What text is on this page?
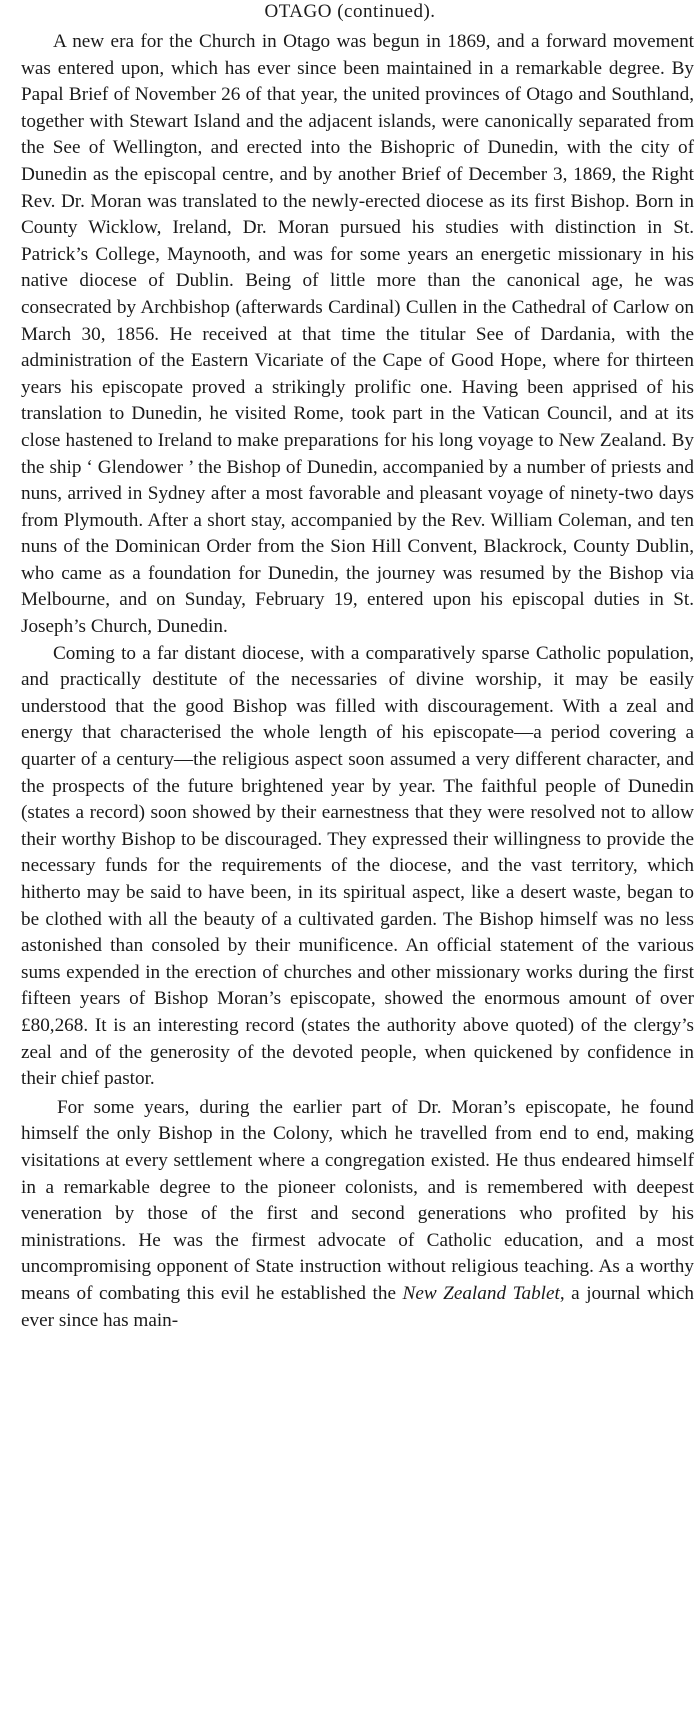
OTAGO (continued).

A new era for the Church in Otago was begun in 1869, and a forward movement was entered upon, which has ever since been maintained in a remarkable degree. By Papal Brief of November 26 of that year, the united provinces of Otago and Southland, together with Stewart Island and the adjacent islands, were canonically separated from the See of Wellington, and erected into the Bishopric of Dunedin, with the city of Dunedin as the episcopal centre, and by another Brief of December 3, 1869, the Right Rev. Dr. Moran was translated to the newly-erected diocese as its first Bishop. Born in County Wicklow, Ireland, Dr. Moran pursued his studies with distinction in St. Patrick’s College, Maynooth, and was for some years an energetic missionary in his native diocese of Dublin. Being of little more than the canonical age, he was consecrated by Archbishop (afterwards Cardinal) Cullen in the Cathedral of Carlow on March 30, 1856. He received at that time the titular See of Dardania, with the administration of the Eastern Vicariate of the Cape of Good Hope, where for thirteen years his episcopate proved a strikingly prolific one. Having been apprised of his translation to Dunedin, he visited Rome, took part in the Vatican Council, and at its close hastened to Ireland to make preparations for his long voyage to New Zealand. By the ship ‘ Glendower ’ the Bishop of Dunedin, accompanied by a number of priests and nuns, arrived in Sydney after a most favorable and pleasant voyage of ninety-two days from Plymouth. After a short stay, accompanied by the Rev. William Coleman, and ten nuns of the Dominican Order from the Sion Hill Convent, Blackrock, County Dublin, who came as a foundation for Dunedin, the journey was resumed by the Bishop via Melbourne, and on Sunday, February 19, entered upon his episcopal duties in St. Joseph’s Church, Dunedin.

Coming to a far distant diocese, with a comparatively sparse Catholic population, and practically destitute of the necessaries of divine worship, it may be easily understood that the good Bishop was filled with discouragement. With a zeal and energy that characterised the whole length of his episcopate—a period covering a quarter of a century—the religious aspect soon assumed a very different character, and the prospects of the future brightened year by year. The faithful people of Dunedin (states a record) soon showed by their earnestness that they were resolved not to allow their worthy Bishop to be discouraged. They expressed their willingness to provide the necessary funds for the requirements of the diocese, and the vast territory, which hitherto may be said to have been, in its spiritual aspect, like a desert waste, began to be clothed with all the beauty of a cultivated garden. The Bishop himself was no less astonished than consoled by their munificence. An official statement of the various sums expended in the erection of churches and other missionary works during the first fifteen years of Bishop Moran’s episcopate, showed the enormous amount of over £80,268. It is an interesting record (states the authority above quoted) of the clergy’s zeal and of the generosity of the devoted people, when quickened by confidence in their chief pastor.

For some years, during the earlier part of Dr. Moran’s episcopate, he found himself the only Bishop in the Colony, which he travelled from end to end, making visitations at every settlement where a congregation existed. He thus endeared himself in a remarkable degree to the pioneer colonists, and is remembered with deepest veneration by those of the first and second generations who profited by his ministrations. He was the firmest advocate of Catholic education, and a most uncompromising opponent of State instruction without religious teaching. As a worthy means of combating this evil he established the New Zealand Tablet, a journal which ever since has main-
